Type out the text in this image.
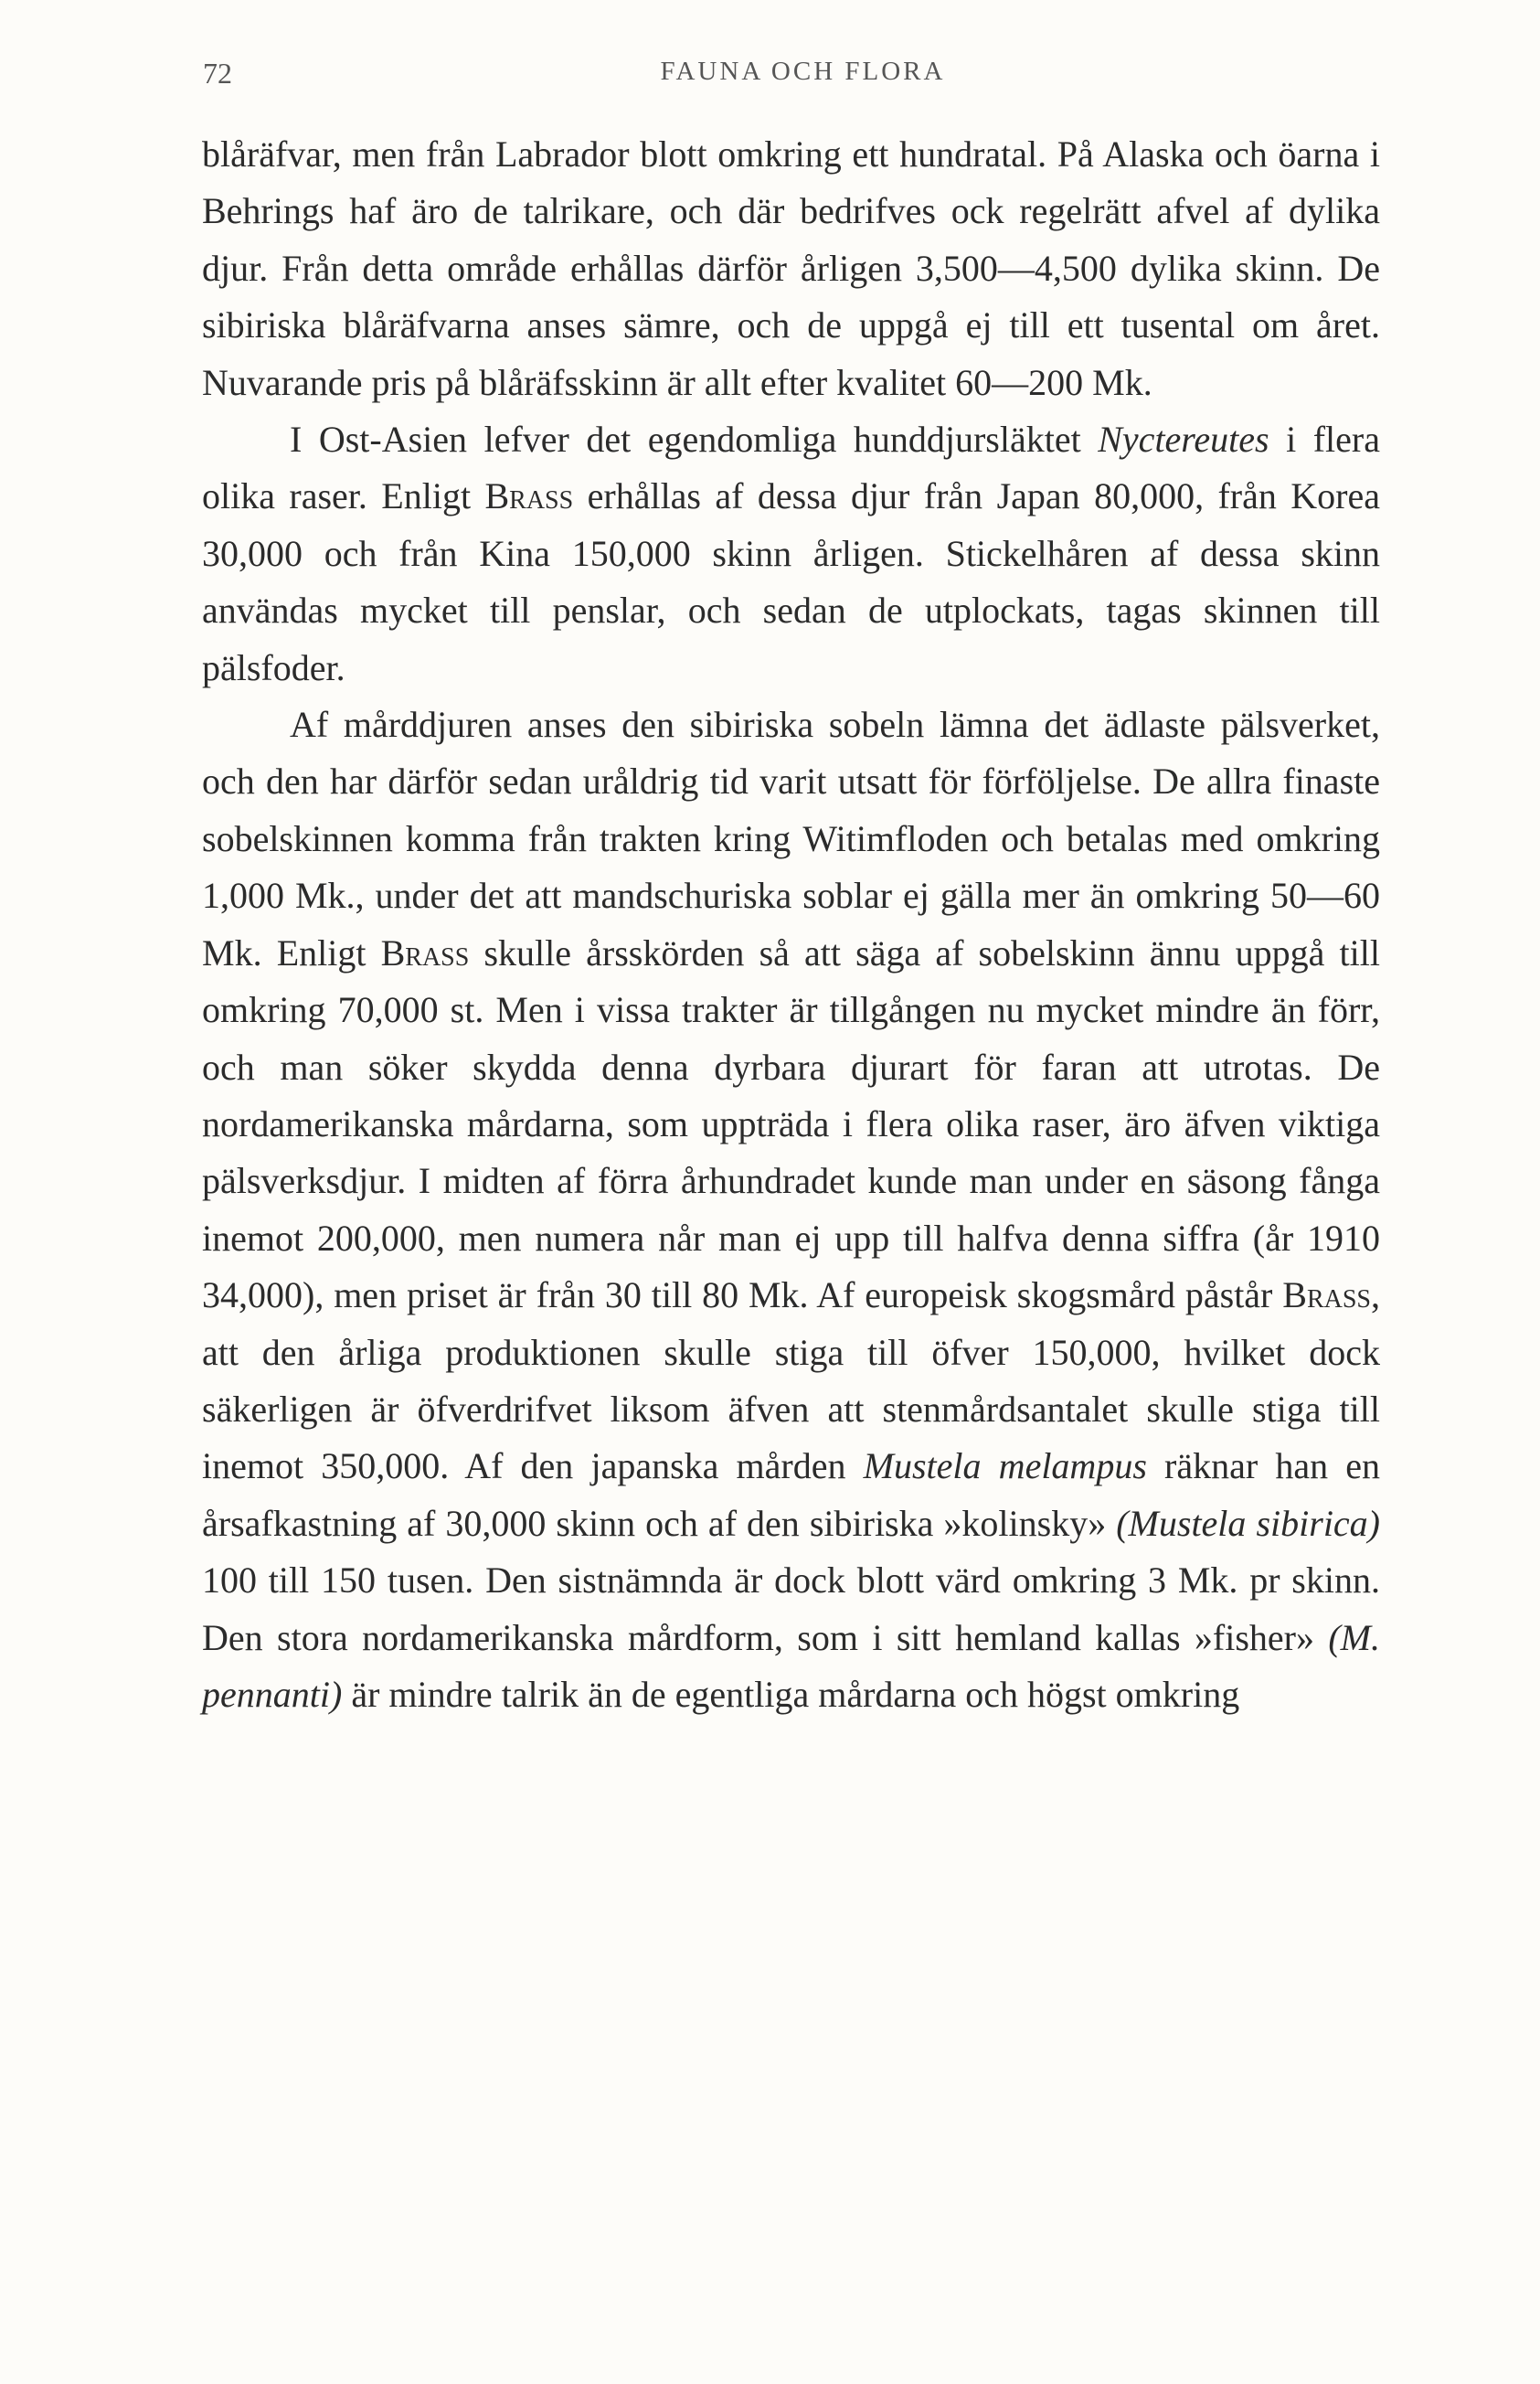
72	FAUNA OCH FLORA

blåräfvar, men från Labrador blott omkring ett hundratal. På Alaska och öarna i Behrings haf äro de talrikare, och där bedrifves ock regelrätt afvel af dylika djur. Från detta område erhållas därför årligen 3,500—4,500 dylika skinn. De sibiriska blåräfvarna anses sämre, och de uppgå ej till ett tusental om året. Nuvarande pris på blåräfsskinn är allt efter kvalitet 60—200 Mk.

I Ost-Asien lefver det egendomliga hunddjursläktet Nyctereutes i flera olika raser. Enligt Brass erhållas af dessa djur från Japan 80,000, från Korea 30,000 och från Kina 150,000 skinn årligen. Stickelhåren af dessa skinn användas mycket till penslar, och sedan de utplockats, tagas skinnen till pälsfoder.

Af mårddjuren anses den sibiriska sobeln lämna det ädlaste pälsverket, och den har därför sedan uråldrig tid varit utsatt för förföljelse. De allra finaste sobelskinnen komma från trakten kring Witimfloden och betalas med omkring 1,000 Mk., under det att mandschuriska soblar ej gälla mer än omkring 50—60 Mk. Enligt Brass skulle årsskörden så att säga af sobelskinn ännu uppgå till omkring 70,000 st. Men i vissa trakter är tillgången nu mycket mindre än förr, och man söker skydda denna dyrbara djurart för faran att utrotas. De nordamerikanska mårdarna, som uppträda i flera olika raser, äro äfven viktiga pälsverksdjur. I midten af förra århundradet kunde man under en säsong fånga inemot 200,000, men numera når man ej upp till halfva denna siffra (år 1910 34,000), men priset är från 30 till 80 Mk. Af europeisk skogsmård påstår Brass, att den årliga produktionen skulle stiga till öfver 150,000, hvilket dock säkerligen är öfverdrifvet liksom äfven att stenmårdsantalet skulle stiga till inemot 350,000. Af den japanska mården Mustela melampus räknar han en årsafkastning af 30,000 skinn och af den sibiriska »kolinsky» (Mustela sibirica) 100 till 150 tusen. Den sistnämnda är dock blott värd omkring 3 Mk. pr skinn. Den stora nordamerikanska mårdform, som i sitt hemland kallas »fisher» (M. pennanti) är mindre talrik än de egentliga mårdarna och högst omkring
